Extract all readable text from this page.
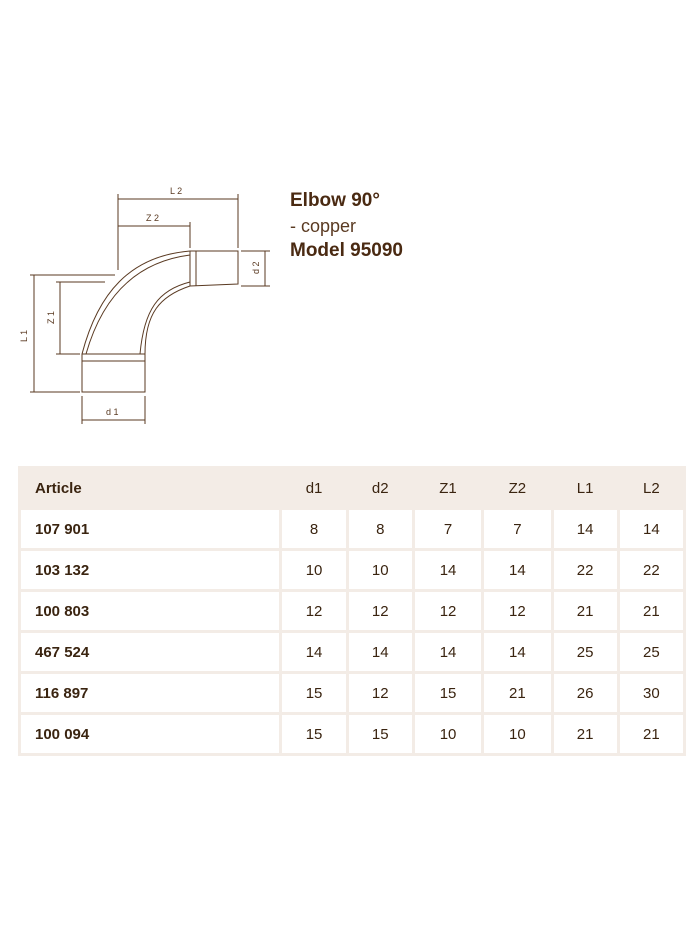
L 2
Z 2
d 2
Z 1
L 1
d 1
Elbow 90°
- copper
Model 95090
Article	d1	d2	Z1	Z2	L1	L2
107 901	8	8	7	7	14	14
103 132	10	10	14	14	22	22
100 803	12	12	12	12	21	21
467 524	14	14	14	14	25	25
116 897	15	12	15	21	26	30
100 094	15	15	10	10	21	21
